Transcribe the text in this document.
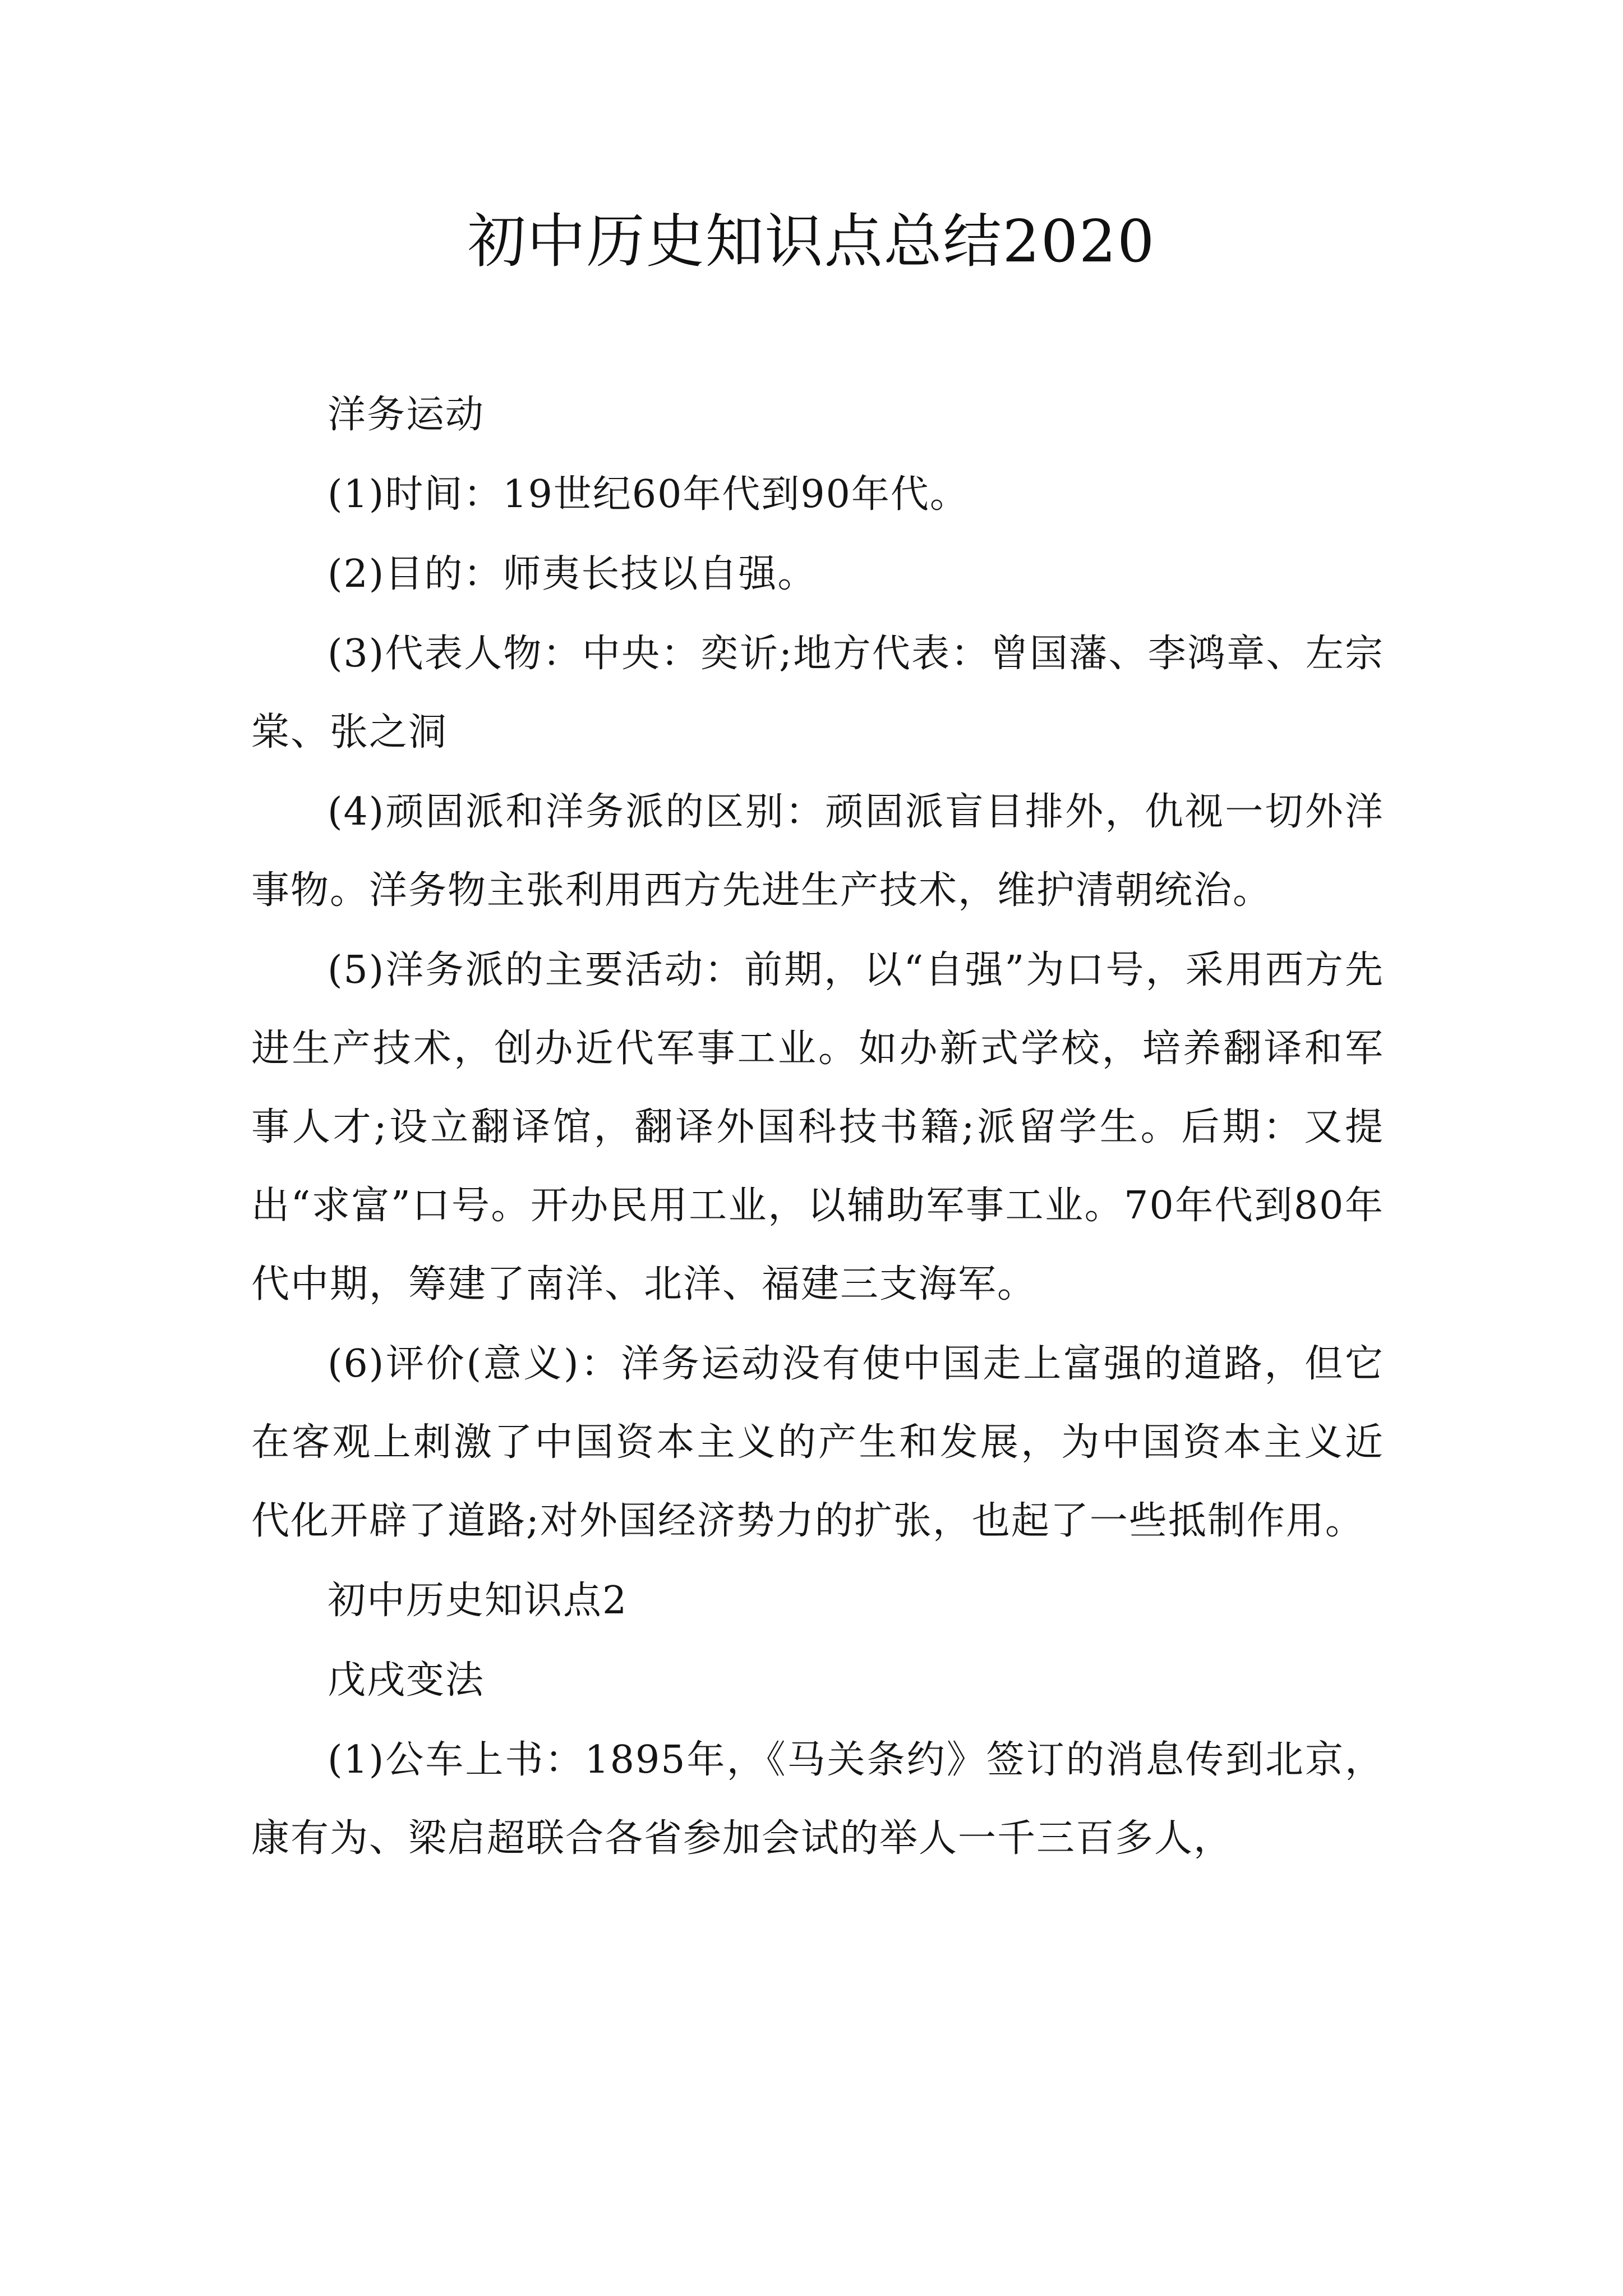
初中历史知识点总结2020

洋务运动

(1)时间：19世纪60年代到90年代。

(2)目的：师夷长技以自强。

(3)代表人物：中央：奕䜣;地方代表：曾国藩、李鸿章、左宗棠、张之洞

(4)顽固派和洋务派的区别：顽固派盲目排外，仇视一切外洋事物。洋务物主张利用西方先进生产技术，维护清朝统治。

(5)洋务派的主要活动：前期，以“自强”为口号，采用西方先进生产技术，创办近代军事工业。如办新式学校，培养翻译和军事人才;设立翻译馆，翻译外国科技书籍;派留学生。后期：又提出“求富”口号。开办民用工业，以辅助军事工业。70年代到80年代中期，筹建了南洋、北洋、福建三支海军。

(6)评价(意义)：洋务运动没有使中国走上富强的道路，但它在客观上刺激了中国资本主义的产生和发展，为中国资本主义近代化开辟了道路;对外国经济势力的扩张，也起了一些抵制作用。

初中历史知识点2

戊戌变法

(1)公车上书：1895年，《马关条约》签订的消息传到北京，康有为、梁启超联合各省参加会试的举人一千三百多人，
